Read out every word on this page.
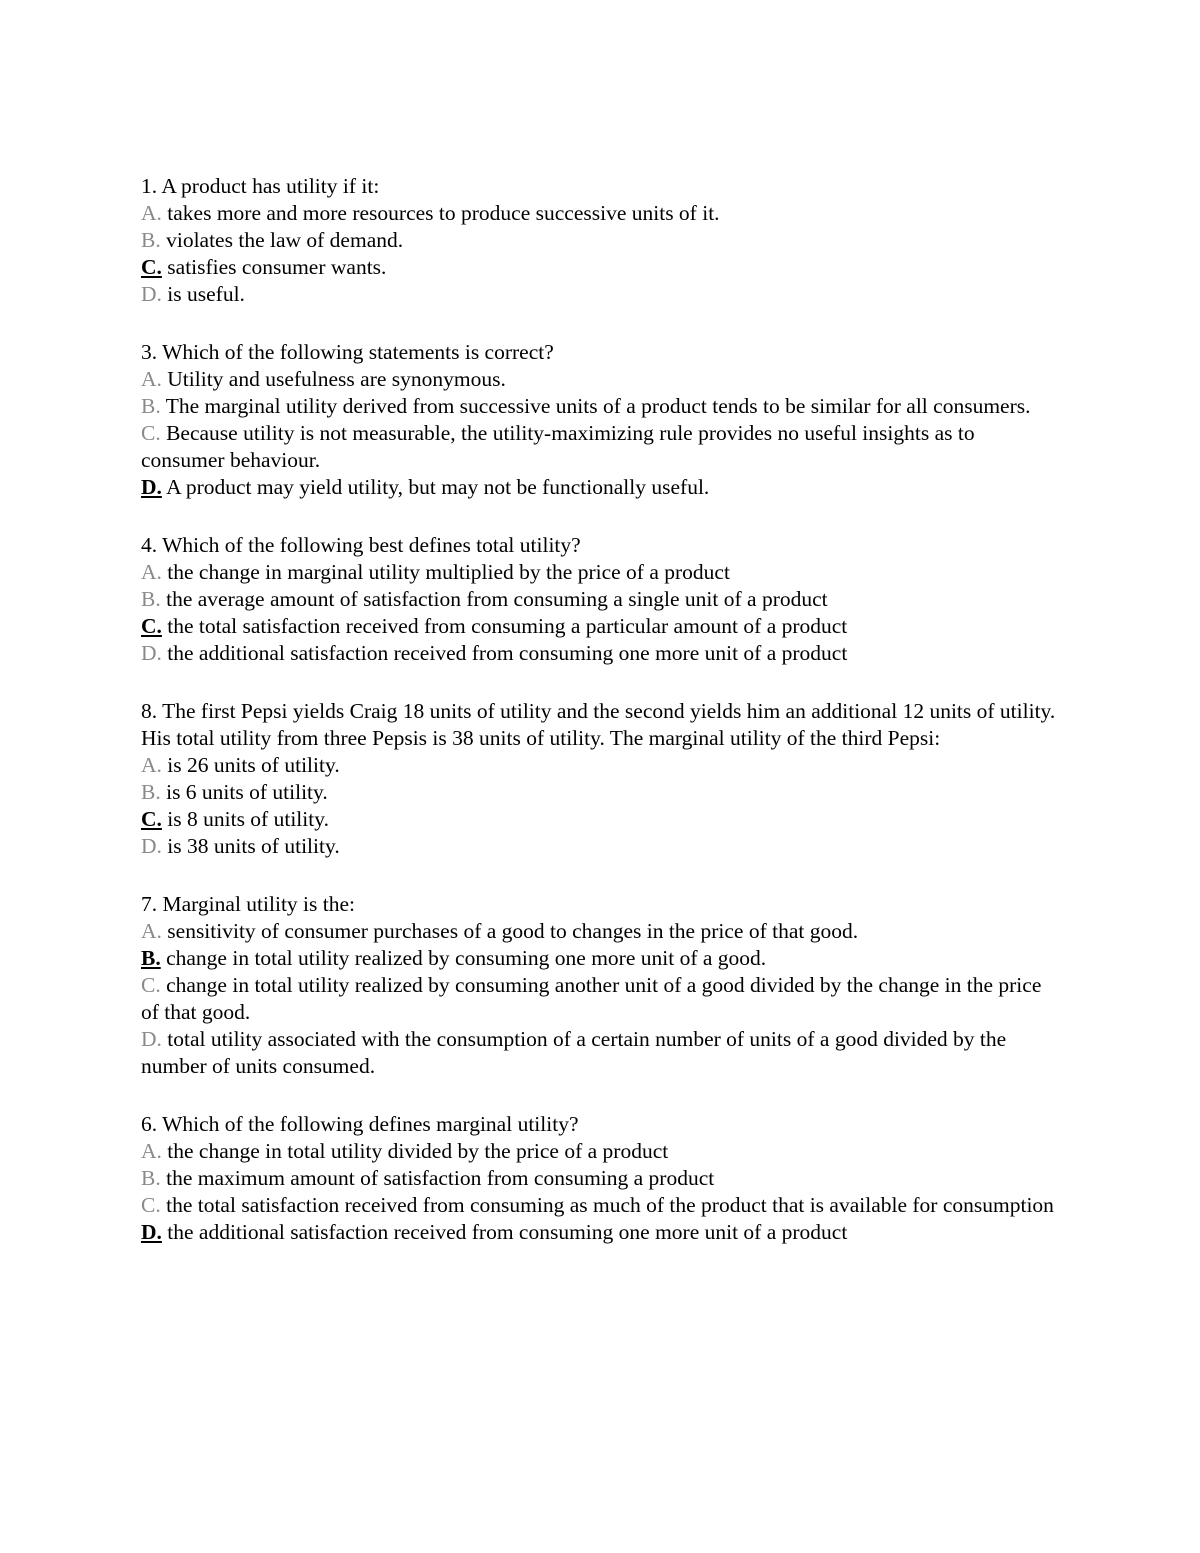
1. A product has utility if it:

A. takes more and more resources to produce successive units of it.

B. violates the law of demand.

C. satisfies consumer wants.

D. is useful.

3. Which of the following statements is correct?

A. Utility and usefulness are synonymous.

B. The marginal utility derived from successive units of a product tends to be similar for all consumers.

C. Because utility is not measurable, the utility-maximizing rule provides no useful insights as to consumer behaviour.

D. A product may yield utility, but may not be functionally useful.

4. Which of the following best defines total utility?

A. the change in marginal utility multiplied by the price of a product

B. the average amount of satisfaction from consuming a single unit of a product

C. the total satisfaction received from consuming a particular amount of a product

D. the additional satisfaction received from consuming one more unit of a product

8. The first Pepsi yields Craig 18 units of utility and the second yields him an additional 12 units of utility. His total utility from three Pepsis is 38 units of utility. The marginal utility of the third Pepsi:

A. is 26 units of utility.

B. is 6 units of utility.

C. is 8 units of utility.

D. is 38 units of utility.

7. Marginal utility is the:

A. sensitivity of consumer purchases of a good to changes in the price of that good.

B. change in total utility realized by consuming one more unit of a good.

C. change in total utility realized by consuming another unit of a good divided by the change in the price of that good.

D. total utility associated with the consumption of a certain number of units of a good divided by the number of units consumed.

6. Which of the following defines marginal utility?

A. the change in total utility divided by the price of a product

B. the maximum amount of satisfaction from consuming a product

C. the total satisfaction received from consuming as much of the product that is available for consumption

D. the additional satisfaction received from consuming one more unit of a product
